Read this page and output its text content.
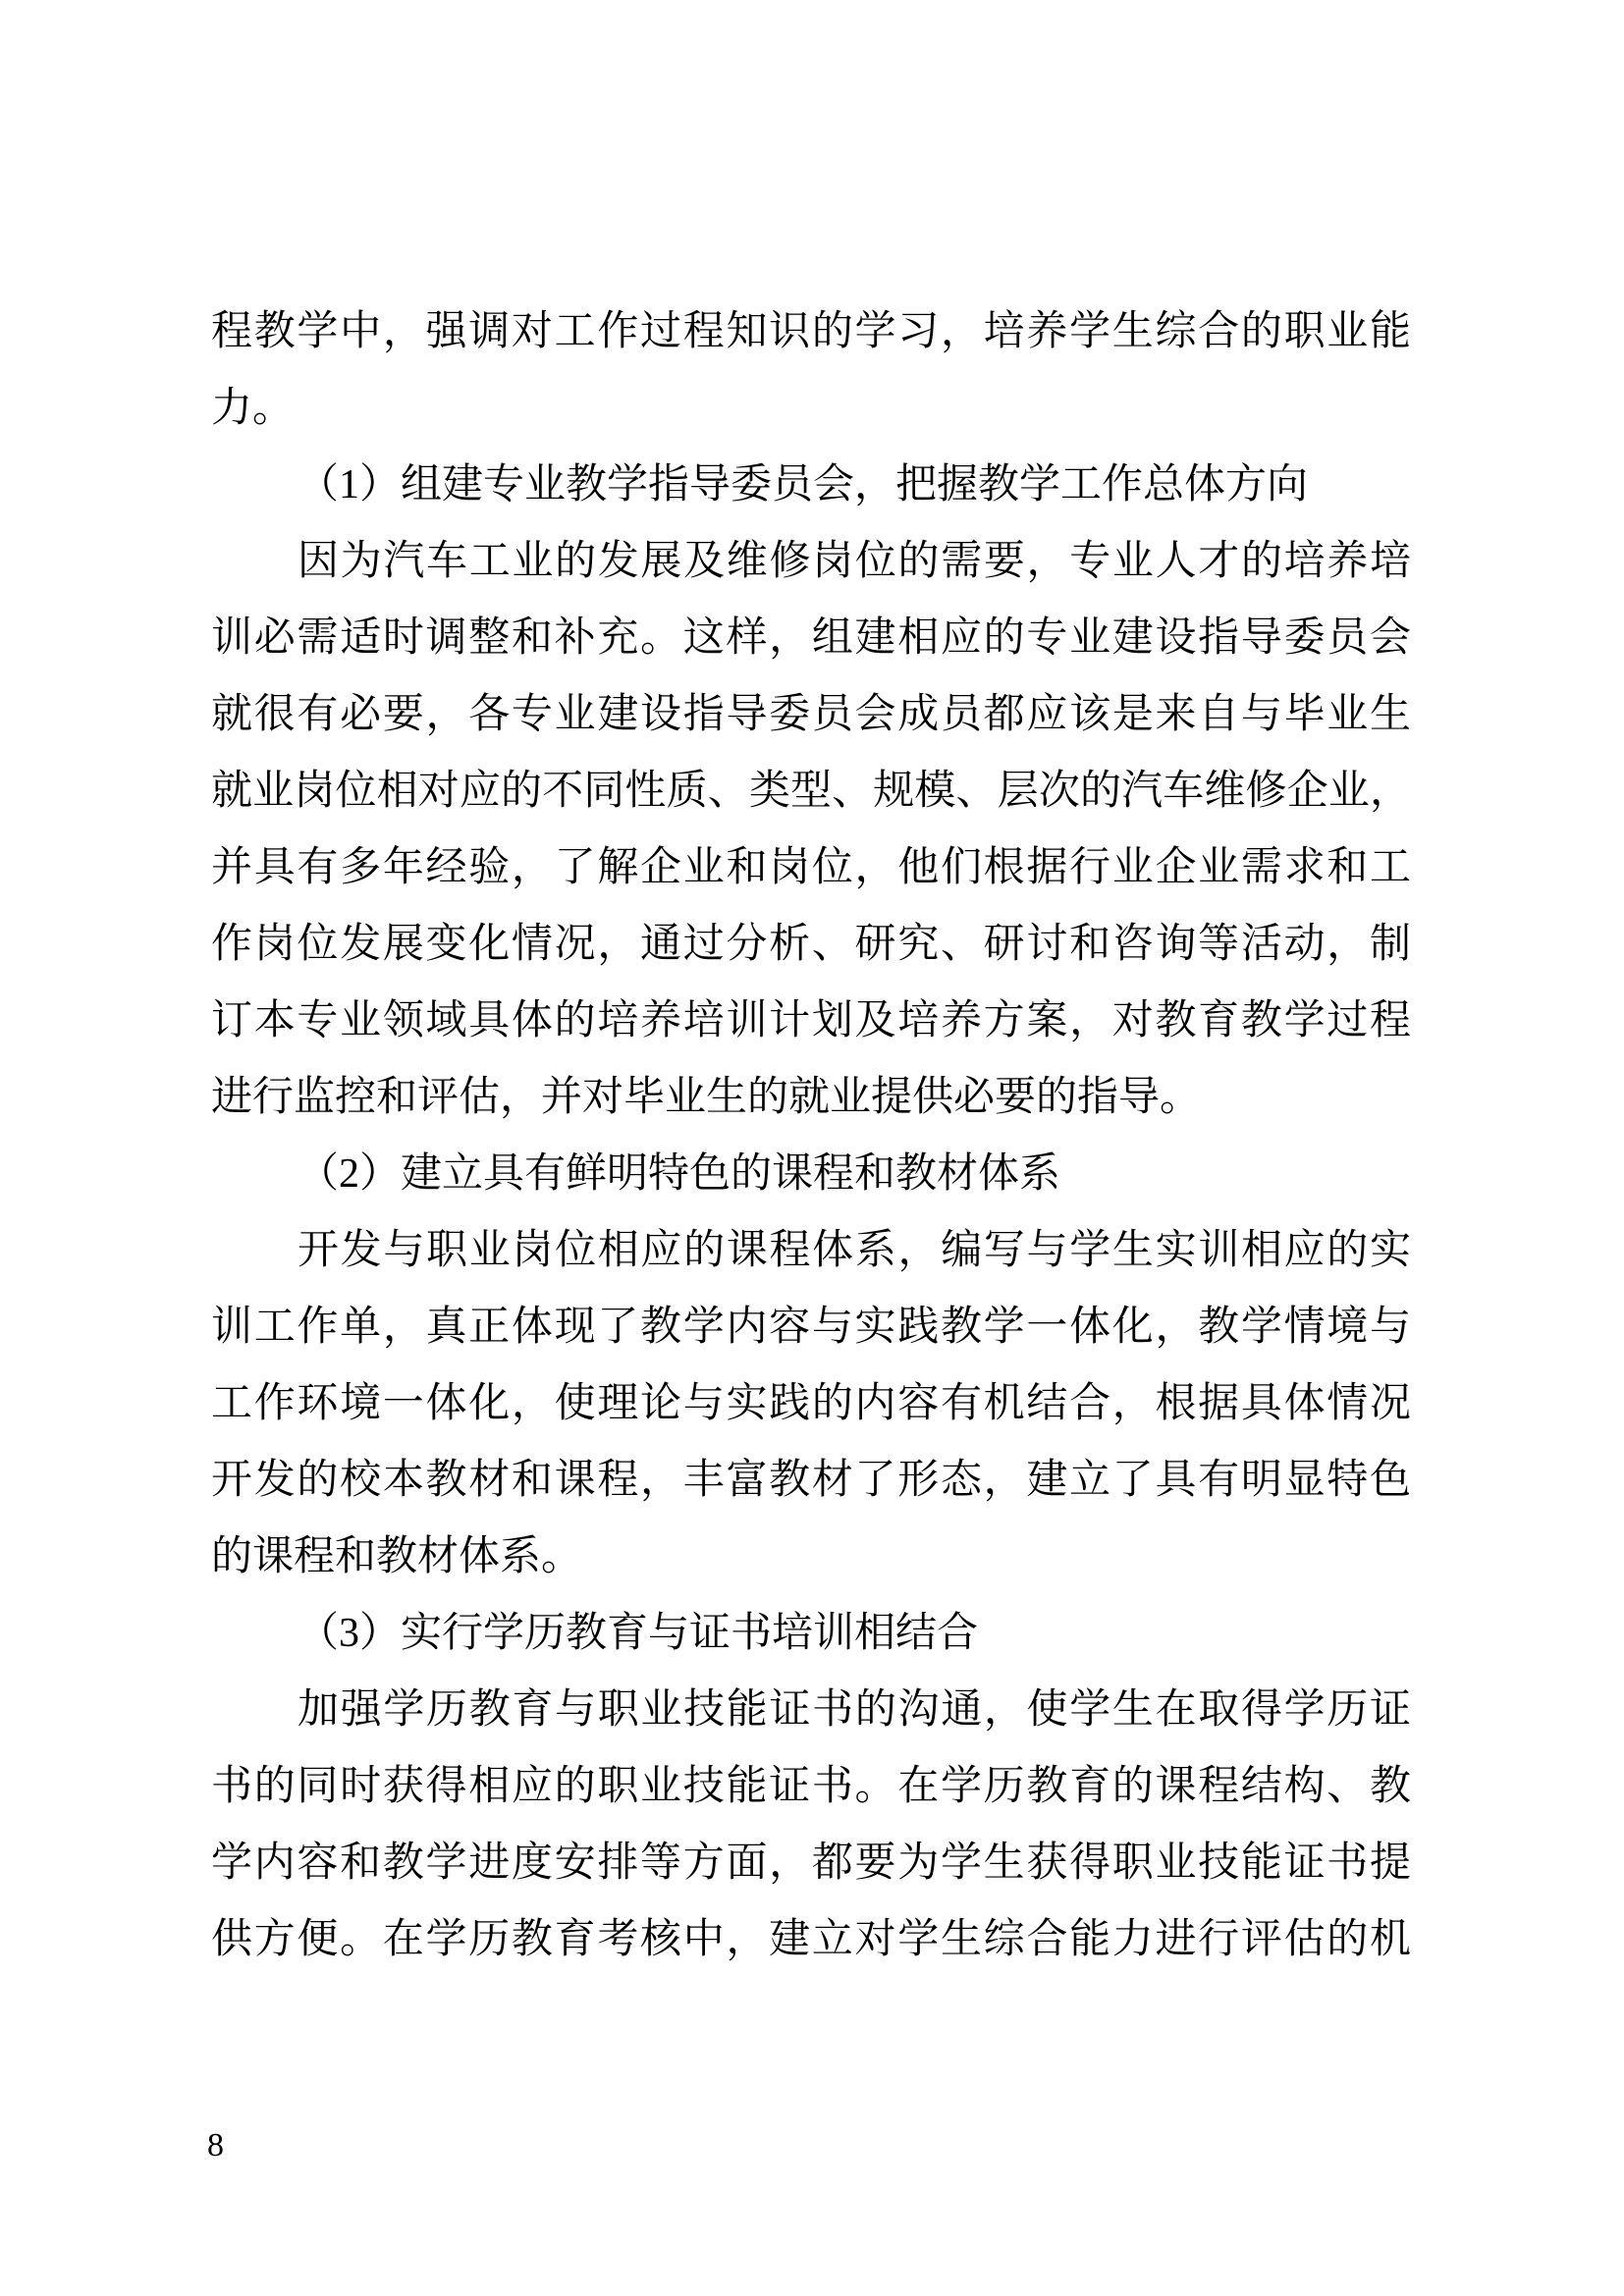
程教学中，强调对工作过程知识的学习，培养学生综合的职业能
力。
（1）组建专业教学指导委员会，把握教学工作总体方向
因为汽车工业的发展及维修岗位的需要，专业人才的培养培
训必需适时调整和补充。这样，组建相应的专业建设指导委员会
就很有必要，各专业建设指导委员会成员都应该是来自与毕业生
就业岗位相对应的不同性质、类型、规模、层次的汽车维修企业，
并具有多年经验，了解企业和岗位，他们根据行业企业需求和工
作岗位发展变化情况，通过分析、研究、研讨和咨询等活动，制
订本专业领域具体的培养培训计划及培养方案，对教育教学过程
进行监控和评估，并对毕业生的就业提供必要的指导。
（2）建立具有鲜明特色的课程和教材体系
开发与职业岗位相应的课程体系，编写与学生实训相应的实
训工作单，真正体现了教学内容与实践教学一体化，教学情境与
工作环境一体化，使理论与实践的内容有机结合，根据具体情况
开发的校本教材和课程，丰富教材了形态，建立了具有明显特色
的课程和教材体系。
（3）实行学历教育与证书培训相结合
加强学历教育与职业技能证书的沟通，使学生在取得学历证
书的同时获得相应的职业技能证书。在学历教育的课程结构、教
学内容和教学进度安排等方面，都要为学生获得职业技能证书提
供方便。在学历教育考核中，建立对学生综合能力进行评估的机
8
